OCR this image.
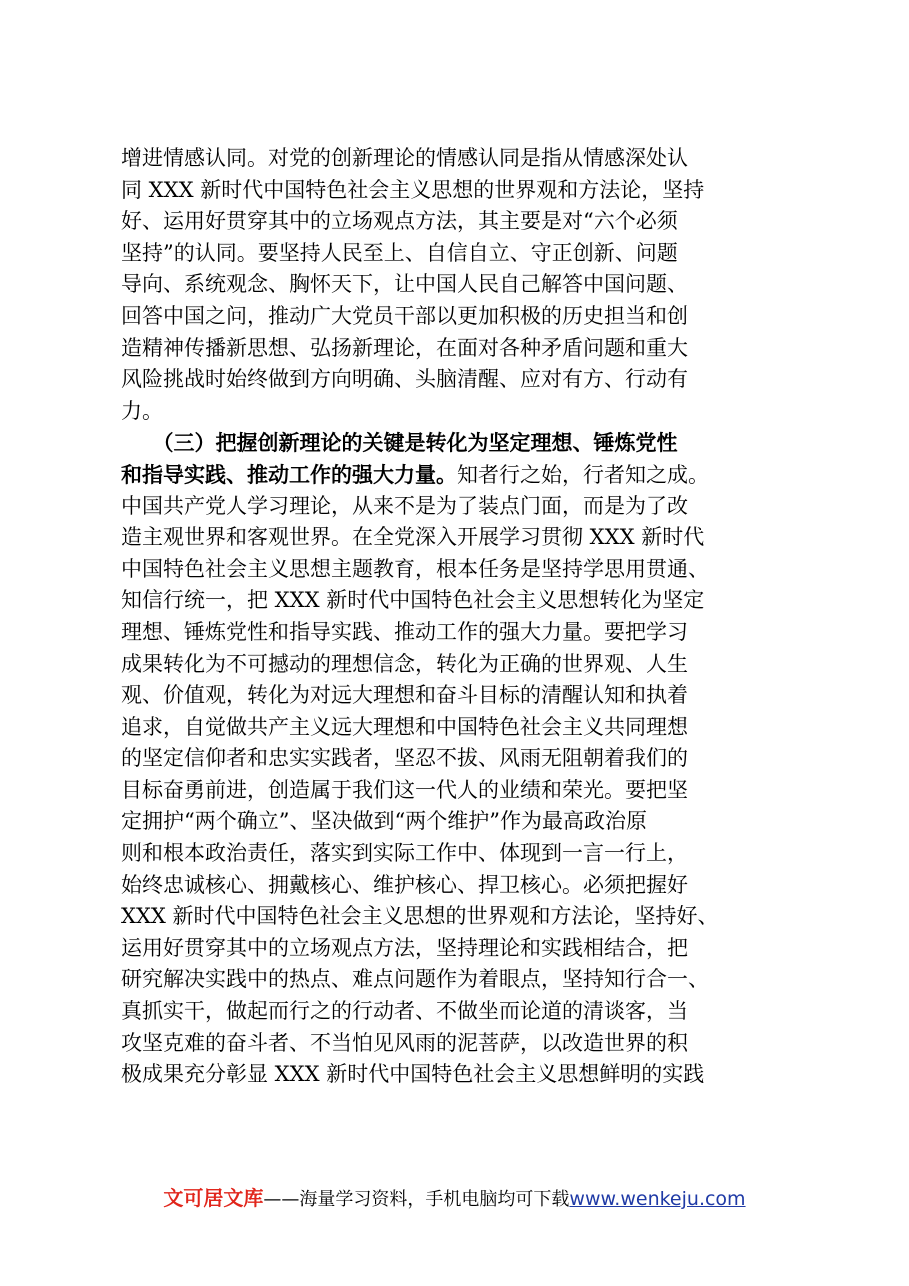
增进情感认同。对党的创新理论的情感认同是指从情感深处认
同 XXX 新时代中国特色社会主义思想的世界观和方法论，坚持
好、运用好贯穿其中的立场观点方法，其主要是对“六个必须
坚持”的认同。要坚持人民至上、自信自立、守正创新、问题
导向、系统观念、胸怀天下，让中国人民自己解答中国问题、
回答中国之问，推动广大党员干部以更加积极的历史担当和创
造精神传播新思想、弘扬新理论，在面对各种矛盾问题和重大
风险挑战时始终做到方向明确、头脑清醒、应对有方、行动有
力。
　　（三）把握创新理论的关键是转化为坚定理想、锤炼党性
和指导实践、推动工作的强大力量。知者行之始，行者知之成。
中国共产党人学习理论，从来不是为了装点门面，而是为了改
造主观世界和客观世界。在全党深入开展学习贯彻 XXX 新时代
中国特色社会主义思想主题教育，根本任务是坚持学思用贯通、
知信行统一，把 XXX 新时代中国特色社会主义思想转化为坚定
理想、锤炼党性和指导实践、推动工作的强大力量。要把学习
成果转化为不可撼动的理想信念，转化为正确的世界观、人生
观、价值观，转化为对远大理想和奋斗目标的清醒认知和执着
追求，自觉做共产主义远大理想和中国特色社会主义共同理想
的坚定信仰者和忠实实践者，坚忍不拔、风雨无阻朝着我们的
目标奋勇前进，创造属于我们这一代人的业绩和荣光。要把坚
定拥护“两个确立”、坚决做到“两个维护”作为最高政治原
则和根本政治责任，落实到实际工作中、体现到一言一行上，
始终忠诚核心、拥戴核心、维护核心、捍卫核心。必须把握好
XXX 新时代中国特色社会主义思想的世界观和方法论，坚持好、
运用好贯穿其中的立场观点方法，坚持理论和实践相结合，把
研究解决实践中的热点、难点问题作为着眼点，坚持知行合一、
真抓实干，做起而行之的行动者、不做坐而论道的清谈客，当
攻坚克难的奋斗者、不当怕见风雨的泥菩萨，以改造世界的积
极成果充分彰显 XXX 新时代中国特色社会主义思想鲜明的实践
文可居文库——海量学习资料，手机电脑均可下载www.wenkeju.com
